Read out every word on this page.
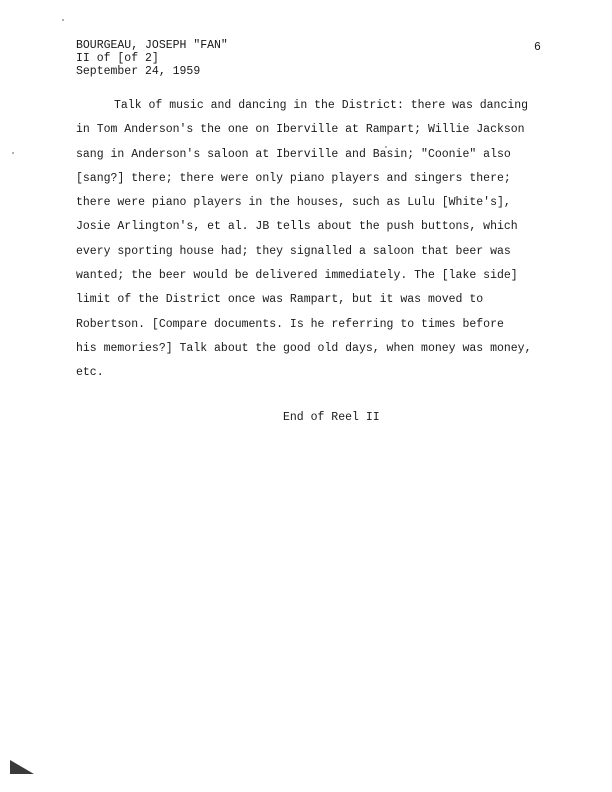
BOURGEAU, JOSEPH "FAN"
II of [of 2]
September 24, 1959
6
Talk of music and dancing in the District: there was dancing
in Tom Anderson's the one on Iberville at Rampart; Willie Jackson
sang in Anderson's saloon at Iberville and Basin; "Coonie" also
[sang?] there; there were only piano players and singers there;
there were piano players in the houses, such as Lulu [White's],
Josie Arlington's, et al. JB tells about the push buttons, which
every sporting house had; they signalled a saloon that beer was
wanted; the beer would be delivered immediately. The [lake side]
limit of the District once was Rampart, but it was moved to
Robertson. [Compare documents. Is he referring to times before
his memories?] Talk about the good old days, when money was money,
etc.
End of Reel II
